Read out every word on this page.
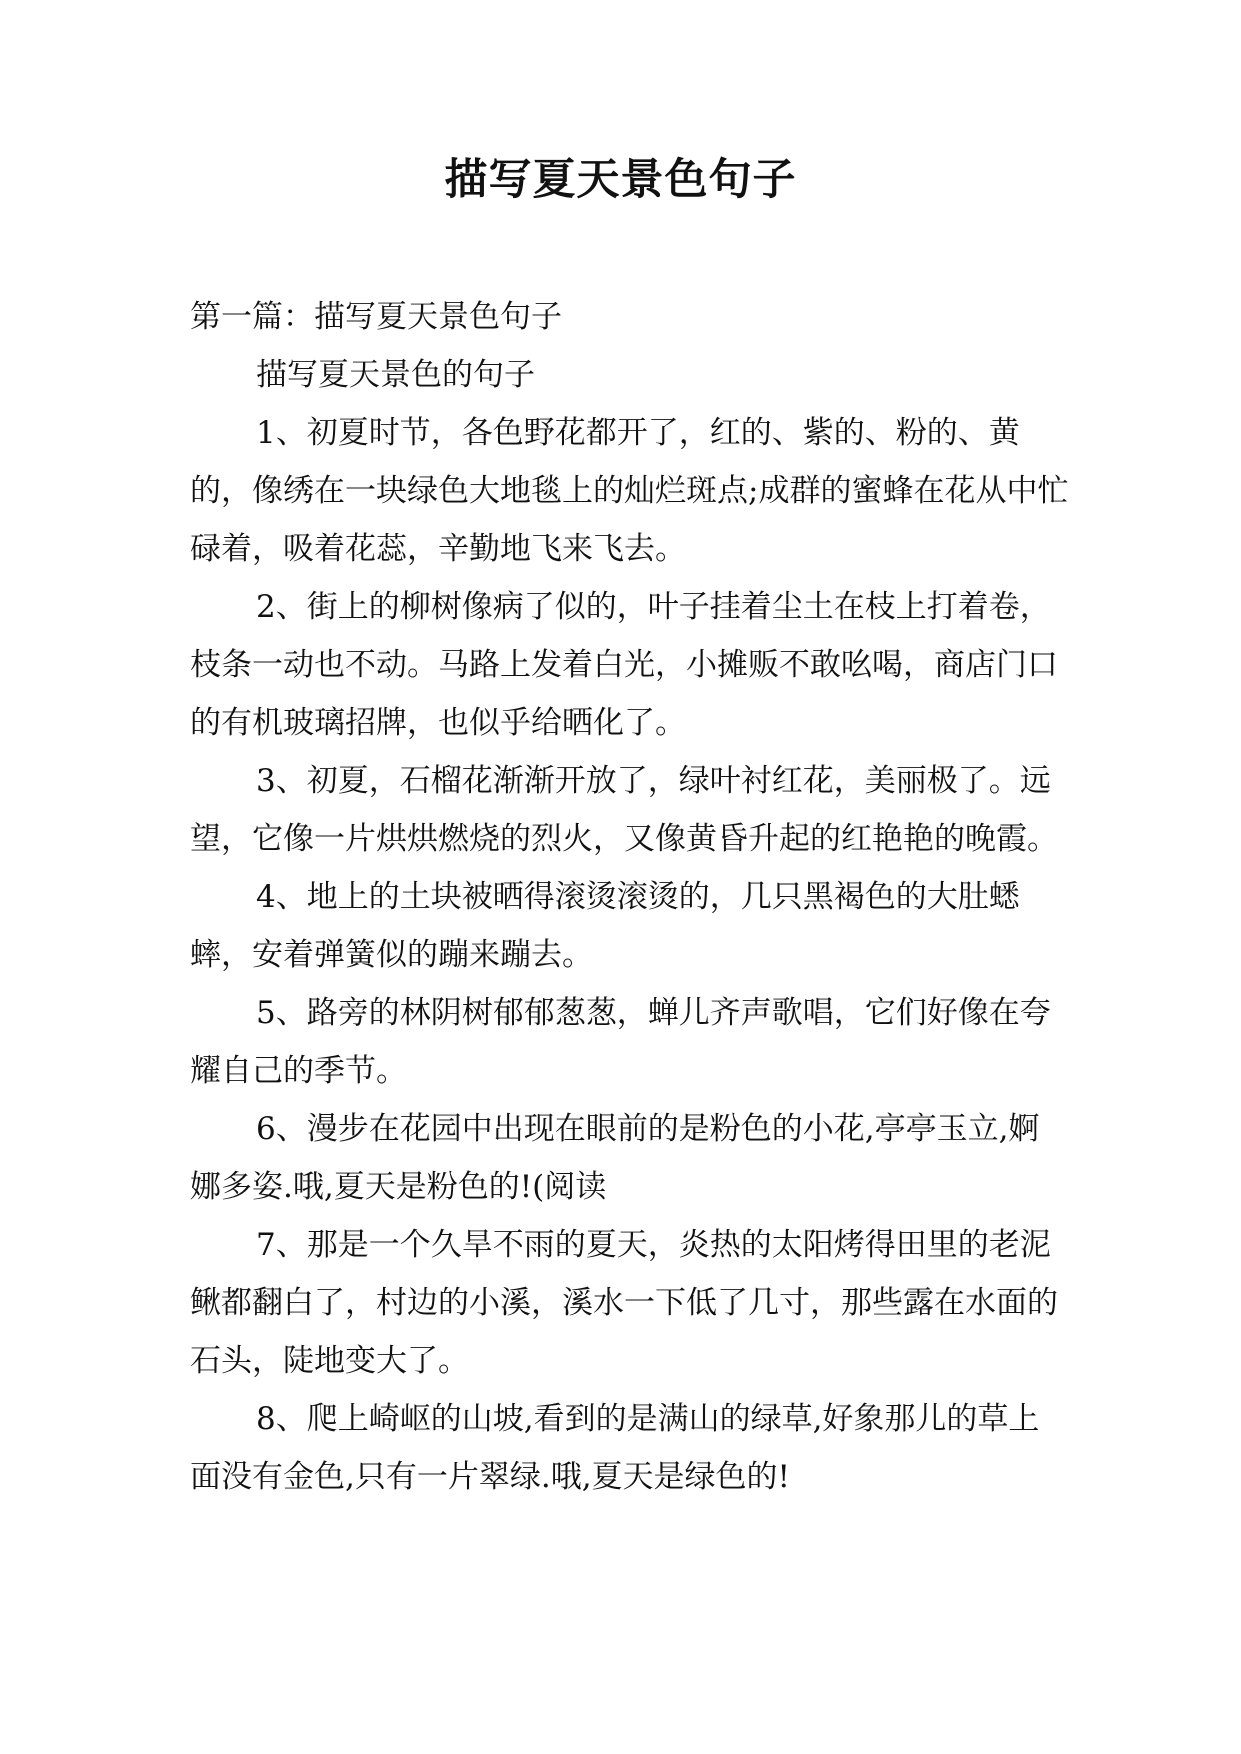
描写夏天景色句子

第一篇：描写夏天景色句子

描写夏天景色的句子

1、初夏时节，各色野花都开了，红的、紫的、粉的、黄的，像绣在一块绿色大地毯上的灿烂斑点;成群的蜜蜂在花从中忙碌着，吸着花蕊，辛勤地飞来飞去。

2、街上的柳树像病了似的，叶子挂着尘土在枝上打着卷，枝条一动也不动。马路上发着白光，小摊贩不敢吆喝，商店门口的有机玻璃招牌，也似乎给晒化了。

3、初夏，石榴花渐渐开放了，绿叶衬红花，美丽极了。远望，它像一片烘烘燃烧的烈火，又像黄昏升起的红艳艳的晚霞。

4、地上的土块被晒得滚烫滚烫的，几只黑褐色的大肚蟋蟀，安着弹簧似的蹦来蹦去。

5、路旁的林阴树郁郁葱葱，蝉儿齐声歌唱，它们好像在夸耀自己的季节。

6、漫步在花园中出现在眼前的是粉色的小花,亭亭玉立,婀娜多姿.哦,夏天是粉色的!(阅读

7、那是一个久旱不雨的夏天，炎热的太阳烤得田里的老泥鳅都翻白了，村边的小溪，溪水一下低了几寸，那些露在水面的石头，陡地变大了。

8、爬上崎岖的山坡,看到的是满山的绿草,好象那儿的草上面没有金色,只有一片翠绿.哦,夏天是绿色的!
